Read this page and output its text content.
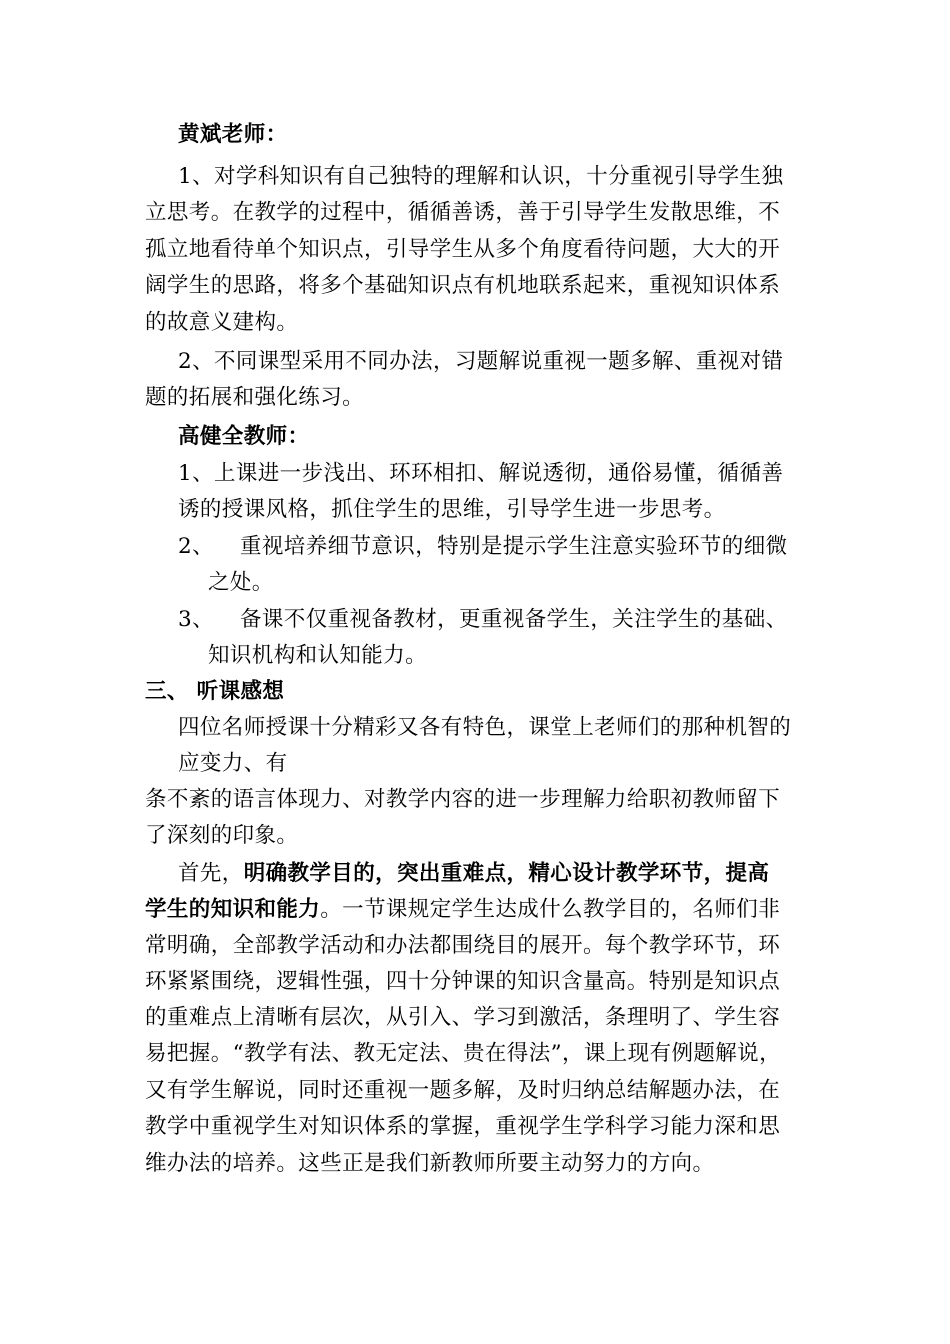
黄斌老师：
1、对学科知识有自己独特的理解和认识，十分重视引导学生独
立思考。在教学的过程中，循循善诱，善于引导学生发散思维，不
孤立地看待单个知识点，引导学生从多个角度看待问题，大大的开
阔学生的思路，将多个基础知识点有机地联系起来，重视知识体系
的故意义建构。
2、不同课型采用不同办法，习题解说重视一题多解、重视对错
题的拓展和强化练习。
高健全教师：
1、上课进一步浅出、环环相扣、解说透彻，通俗易懂，循循善
诱的授课风格，抓住学生的思维，引导学生进一步思考。
2、 重视培养细节意识，特别是提示学生注意实验环节的细微
之处。
3、 备课不仅重视备教材，更重视备学生，关注学生的基础、
知识机构和认知能力。
三、 听课感想
四位名师授课十分精彩又各有特色，课堂上老师们的那种机智的
应变力、有
条不紊的语言体现力、对教学内容的进一步理解力给职初教师留下
了深刻的印象。
首先，明确教学目的，突出重难点，精心设计教学环节，提高
学生的知识和能力。一节课规定学生达成什么教学目的，名师们非
常明确，全部教学活动和办法都围绕目的展开。每个教学环节，环
环紧紧围绕，逻辑性强，四十分钟课的知识含量高。特别是知识点
的重难点上清晰有层次，从引入、学习到激活，条理明了、学生容
易把握。“教学有法、教无定法、贵在得法”，课上现有例题解说，
又有学生解说，同时还重视一题多解，及时归纳总结解题办法，在
教学中重视学生对知识体系的掌握，重视学生学科学习能力深和思
维办法的培养。这些正是我们新教师所要主动努力的方向。
